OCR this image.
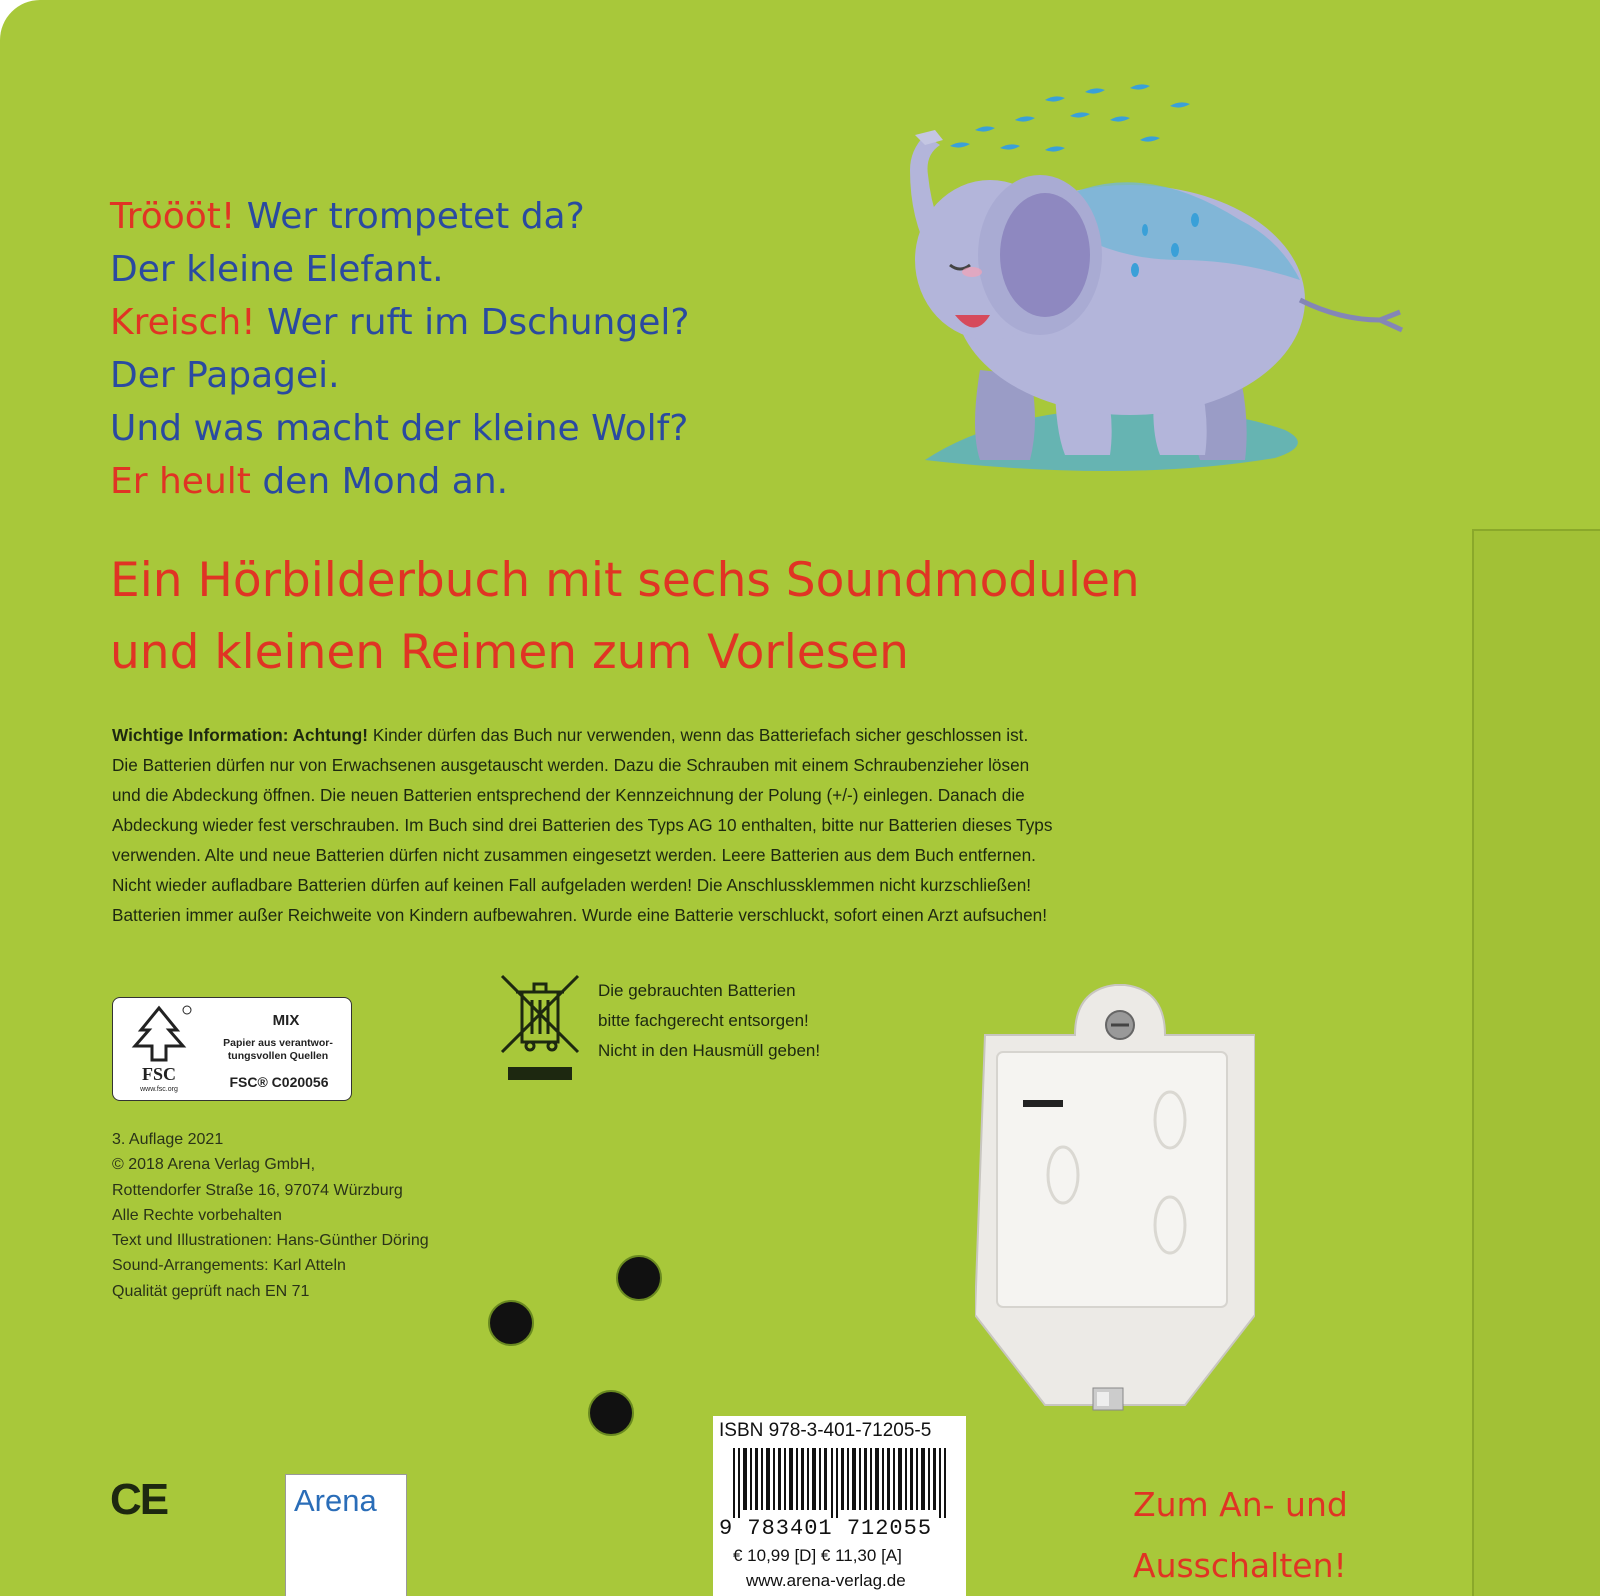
Tröööt! Wer trompetet da?
Der kleine Elefant.
Kreisch! Wer ruft im Dschungel?
Der Papagei.
Und was macht der kleine Wolf?
Er heult den Mond an.
Ein Hörbilderbuch mit sechs Soundmodulen
und kleinen Reimen zum Vorlesen
Wichtige Information: Achtung! Kinder dürfen das Buch nur verwenden, wenn das Batteriefach sicher geschlossen ist.
Die Batterien dürfen nur von Erwachsenen ausgetauscht werden. Dazu die Schrauben mit einem Schraubenzieher lösen
und die Abdeckung öffnen. Die neuen Batterien entsprechend der Kennzeichnung der Polung (+/-) einlegen. Danach die
Abdeckung wieder fest verschrauben. Im Buch sind drei Batterien des Typs AG 10 enthalten, bitte nur Batterien dieses Typs
verwenden. Alte und neue Batterien dürfen nicht zusammen eingesetzt werden. Leere Batterien aus dem Buch entfernen.
Nicht wieder aufladbare Batterien dürfen auf keinen Fall aufgeladen werden! Die Anschlussklemmen nicht kurzschließen!
Batterien immer außer Reichweite von Kindern aufbewahren. Wurde eine Batterie verschluckt, sofort einen Arzt aufsuchen!
FSC
www.fsc.org
MIX
Papier aus verantwor-
tungsvollen Quellen
FSC® C020056
Die gebrauchten Batterien
bitte fachgerecht entsorgen!
Nicht in den Hausmüll geben!
3. Auflage 2021
© 2018 Arena Verlag GmbH,
Rottendorfer Straße 16, 97074 Würzburg
Alle Rechte vorbehalten
Text und Illustrationen: Hans-Günther Döring
Sound-Arrangements: Karl Atteln
Qualität geprüft nach EN 71
CE	Arena
ISBN 978-3-401-71205-5
9 783401 712055
€ 10,99 [D] € 11,30 [A]
www.arena-verlag.de
Zum An- und
Ausschalten!
